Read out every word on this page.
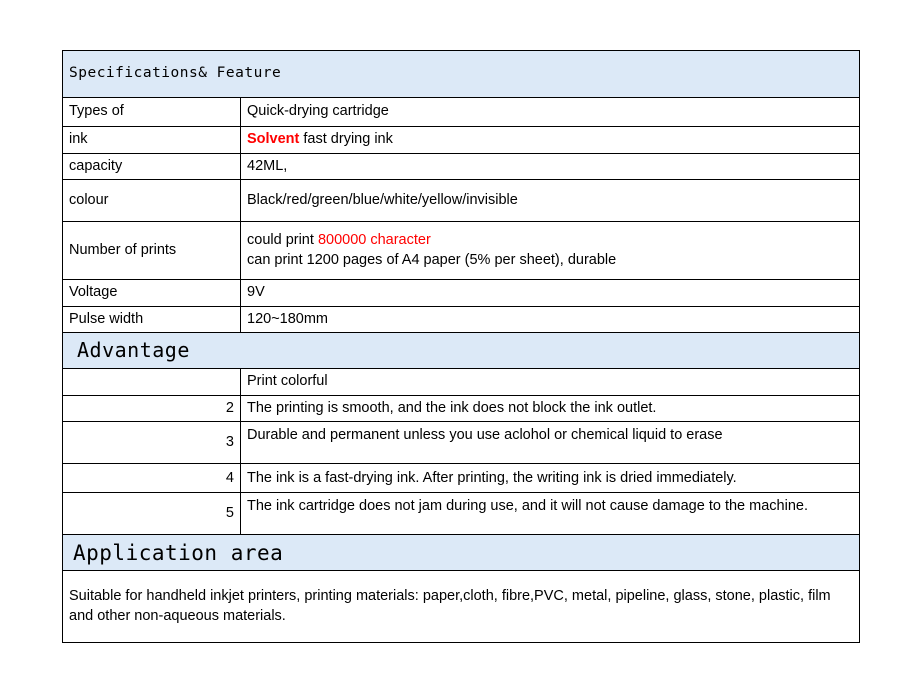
Specifications& Feature	
Types of	Quick-drying cartridge
ink	Solvent fast drying ink
capacity	42ML,
colour	Black/red/green/blue/white/yellow/invisible
Number of prints	could print 800000 character
can print 1200 pages of A4 paper (5% per sheet), durable

Voltage	9V
Pulse width	120~180mm
Advantage	
	Print colorful
2	The printing is smooth, and the ink does not block the ink outlet.
3	Durable and permanent unless you use aclohol or chemical liquid to erase
4	The ink is a fast-drying ink. After printing, the writing ink is dried immediately.
5	The ink cartridge does not jam during use, and it will not cause damage to the machine.
Application area	
Suitable for handheld inkjet printers, printing materials: paper,cloth, fibre,PVC, metal, pipeline, glass, stone, plastic, film and other non-aqueous materials.	
